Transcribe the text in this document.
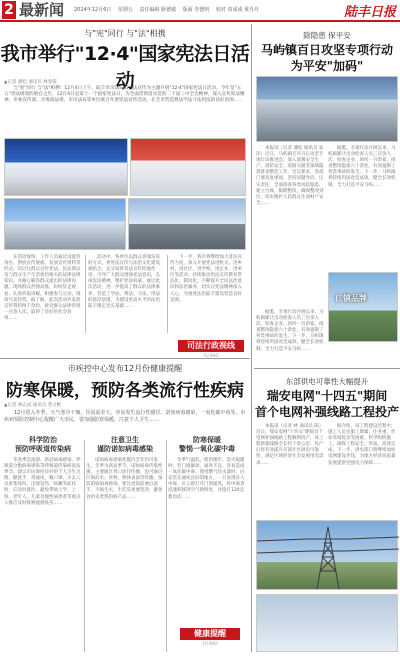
2 最新闻 2024年12月6日 星期五 责任编辑 耿德敏 版面 李德明 校对 苗成成 黄丹丹	陆丰日报
与"宪"同行 与"法"相携
我市举行"12·4"国家宪法日活动
▲记者 潘松 通讯员 林春霞
与"宪"同行 与"法"相携！12月4日上午，陆丰市司法局以宪法宣传为主题开展"12·4"国家宪法日活动。今年是"五五"普法规划的收官之年，12月4日是第十一个国家宪法日，为全面贯彻落实党的二十届三中全会精神，深入宣传宪法精神，市委宣传部、市委政法委、市司法局等单位联合开展宪法宣传活动，在全市营造尊法学法守法用法的良好氛围……
在活动现场，工作人员通过设置咨询台、摆放宣传展板、发放宣传资料等形式，向过往群众宣传宪法、民法典以及与群众生产生活密切相关的法律法规知识，并耐心解答群众提出的法律问题。现场群众热情高涨，纷纷驻足观看，认真听取讲解，积极参与互动，现场气氛热烈。据了解，此次活动共发放宣传资料两千余份，接受群众法律咨询一百余人次，取得了良好的社会效果……
活动中，各单位以群众喜闻乐见的方式，将宪法宣传与法治文化建设相结合，充分发挥普法宣传阵地作用，引导广大群众增强宪法意识，弘扬宪法精神，维护宪法权威。通过此次活动，进一步提高了群众的法律素养，营造了学法、尊法、守法、用法的浓厚氛围，为建设更高水平的法治陆丰奠定坚实基础……
下一步，我市将继续加大普法宣传力度，深入开展宪法进机关、进乡村、进社区、进学校、进企业、进单位等活动，持续推动宪法宣传教育常态化、制度化，不断提升全民法治意识和法治素养，切实让宪法精神深入人心，为推进法治陆丰建设营造良好氛围。
司法行政视线
FU BAO
除隐患 保平安
马屿镇百日攻坚专项行动
为平安"加码"
本报讯（记者 潘松 通讯员 张泽）近日，马屿镇召开百日攻坚专项行动推进会，深入部署安全生产、消防安全、道路交通等领域隐患排查整治工作。会议要求，各部门要高度重视，坚持问题导向，压实责任，全面排查各类风险隐患，建立台账，限期整改，确保整改到位，切实维护人民群众生命财产安全……
据悉，专项行动开展以来，马屿镇累计出动检查人员三百余人次，检查企业、场所一百余家，排查整改隐患六十余处，有效遏制了各类事故的发生。下一步，马屿镇将持续巩固攻坚成效，健全长效机制，全力打造平安马屿……
仁镇品牌
据悉，专项行动开展以来，马屿镇累计出动检查人员三百余人次，检查企业、场所一百余家，排查整改隐患六十余处，有效遏制了各类事故的发生。下一步，马屿镇将持续巩固攻坚成效，健全长效机制，全力打造平安马屿……
市疾控中心发布12月份健康提醒
防寒保暖，预防各类流行性疾病
▲记者 林志成 通讯员 黄文彬
12月进入冬季，天气寒冷干燥，昼夜温差大，容易发生流行性感冒、诺如病毒感染、一氧化碳中毒等。市疾病预防控制中心提醒广大市民，要加强防寒保暖，注意个人卫生……
科学防治
预防呼吸道传染病
注意卫生
谨防诺如病毒感染
防寒保暖
警惕一氧化碳中毒
冬春季是流感、新冠病毒感染、呼吸道合胞病毒感染等呼吸道传染病高发季节。建议市民保持良好的个人卫生习惯，勤洗手、常通风、戴口罩，少去人员密集场所。出现发热、咳嗽等症状时，应及时就医，避免带病上学、上班。老年人、儿童及慢性病患者等重点人群应及时接种流感疫苗……
诺如病毒感染性腹泻全年均可发生，冬季为高发季节。诺如病毒传染性强，主要通过粪口途径传播，也可通过污染的水、食物、物体表面等传播。预防诺如病毒感染，要注意饭前便后洗手，不喝生水，生吃瓜果要洗净，避免食用未煮熟的海产品……
冬季气温低，使用煤炉、炭火取暖时，若门窗紧闭、通风不良，容易造成一氧化碳中毒。使用燃气热水器时，应安装在通风良好的地方。一旦发现有人中毒，应立即打开门窗通风，将中毒者迅速转移到空气新鲜处，并拨打120急救电话……
健康提醒
FU BAO
东部供电可靠性大幅提升
瑞安电网"十四五"期间
首个电网补强线路工程投产
本报讯（记者 林 通讯员 陈）近日，瑞安电网"十四五"期间首个电网补强线路工程顺利投产。该工程新建线路全长约十余公里，投产后将有效提升东部片区供电可靠性，满足区域经济社会发展用电需求……
据介绍，该工程建设过程中，施工人员克服工期紧、任务重、作业环境复杂等困难，科学组织施工，确保工程安全、优质、高效完成。下一步，供电部门将继续加快电网建设步伐，为地方经济高质量发展提供坚强电力保障……
